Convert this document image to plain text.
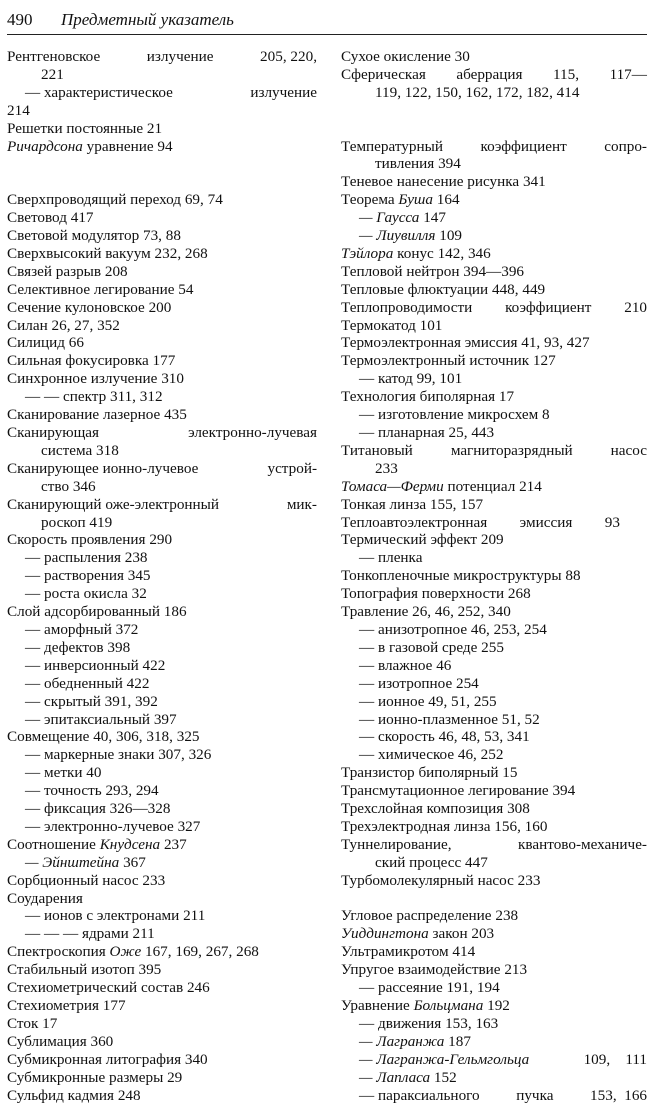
490 Предметный указатель
Рентгеновское	излучение	205, 220,
221
— характеристическое	излучение
214
Решетки постоянные 21
Ричардсона уравнение 94
Сверхпроводящий переход 69, 74
Световод 417
Световой модулятор 73, 88
Сверхвысокий вакуум 232, 268
Связей разрыв 208
Селективное легирование 54
Сечение кулоновское 200
Силан 26, 27, 352
Силицид 66
Сильная фокусировка 177
Синхронное излучение 310
— — спектр 311, 312
Сканирование лазерное 435
Сканирующая	электронно-лучевая
система 318
Сканирующее ионно-лучевое	устрой-
ство 346
Сканирующий оже-электронный	мик-
роскоп 419
Скорость проявления 290
— распыления 238
— растворения 345
— роста окисла 32
Слой адсорбированный 186
— аморфный 372
— дефектов 398
— инверсионный 422
— обедненный 422
— скрытый 391, 392
— эпитаксиальный 397
Совмещение 40, 306, 318, 325
— маркерные знаки 307, 326
— метки 40
— точность 293, 294
— фиксация 326—328
— электронно-лучевое 327
Соотношение Кнудсена 237
— Эйнштейна 367
Сорбционный насос 233
Соударения
— ионов с электронами 211
— — — ядрами 211
Спектроскопия Оже 167, 169, 267, 268
Стабильный изотоп 395
Стехиометрический состав 246
Стехиометрия 177
Сток 17
Сублимация 360
Субмикронная литография 340
Субмикронные размеры 29
Сульфид кадмия 248
Сухое окисление 30
Сферическая аберрация 115, 117—
119, 122, 150, 162, 172, 182, 414
Температурный коэффициент сопро-
тивления 394
Теневое нанесение рисунка 341
Теорема Буша 164
— Гаусса 147
— Лиувилля 109
Тэйлора конус 142, 346
Тепловой нейтрон 394—396
Тепловые флюктуации 448, 449
Теплопроводимости коэффициент 210
Термокатод 101
Термоэлектронная эмиссия 41, 93, 427
Термоэлектронный источник 127
— катод 99, 101
Технология биполярная 17
— изготовление микросхем 8
— планарная 25, 443
Титановый магниторазрядный насос
233
Томаса—Ферми потенциал 214
Тонкая линза 155, 157
Теплоавтоэлектронная эмиссия 93
Термический эффект 209
— пленка
Тонкопленочные микроструктуры 88
Топография поверхности 268
Травление 26, 46, 252, 340
— анизотропное 46, 253, 254
— в газовой среде 255
— влажное 46
— изотропное 254
— ионное 49, 51, 255
— ионно-плазменное 51, 52
— скорость 46, 48, 53, 341
— химическое 46, 252
Транзистор биполярный 15
Трансмутационное легирование 394
Трехслойная композиция 308
Трехэлектродная линза 156, 160
Туннелирование,	квантово-механиче-
ский процесс 447
Турбомолекулярный насос 233
Угловое распределение 238
Уиддингтона закон 203
Ультрамикротом 414
Упругое взаимодействие 213
— рассеяние 191, 194
Уравнение Больцмана 192
— движения 153, 163
— Лагранжа 187
— Лагранжа-Гельмгольца	109, 111
— Лапласа 152
— параксиального пучка 153, 166
